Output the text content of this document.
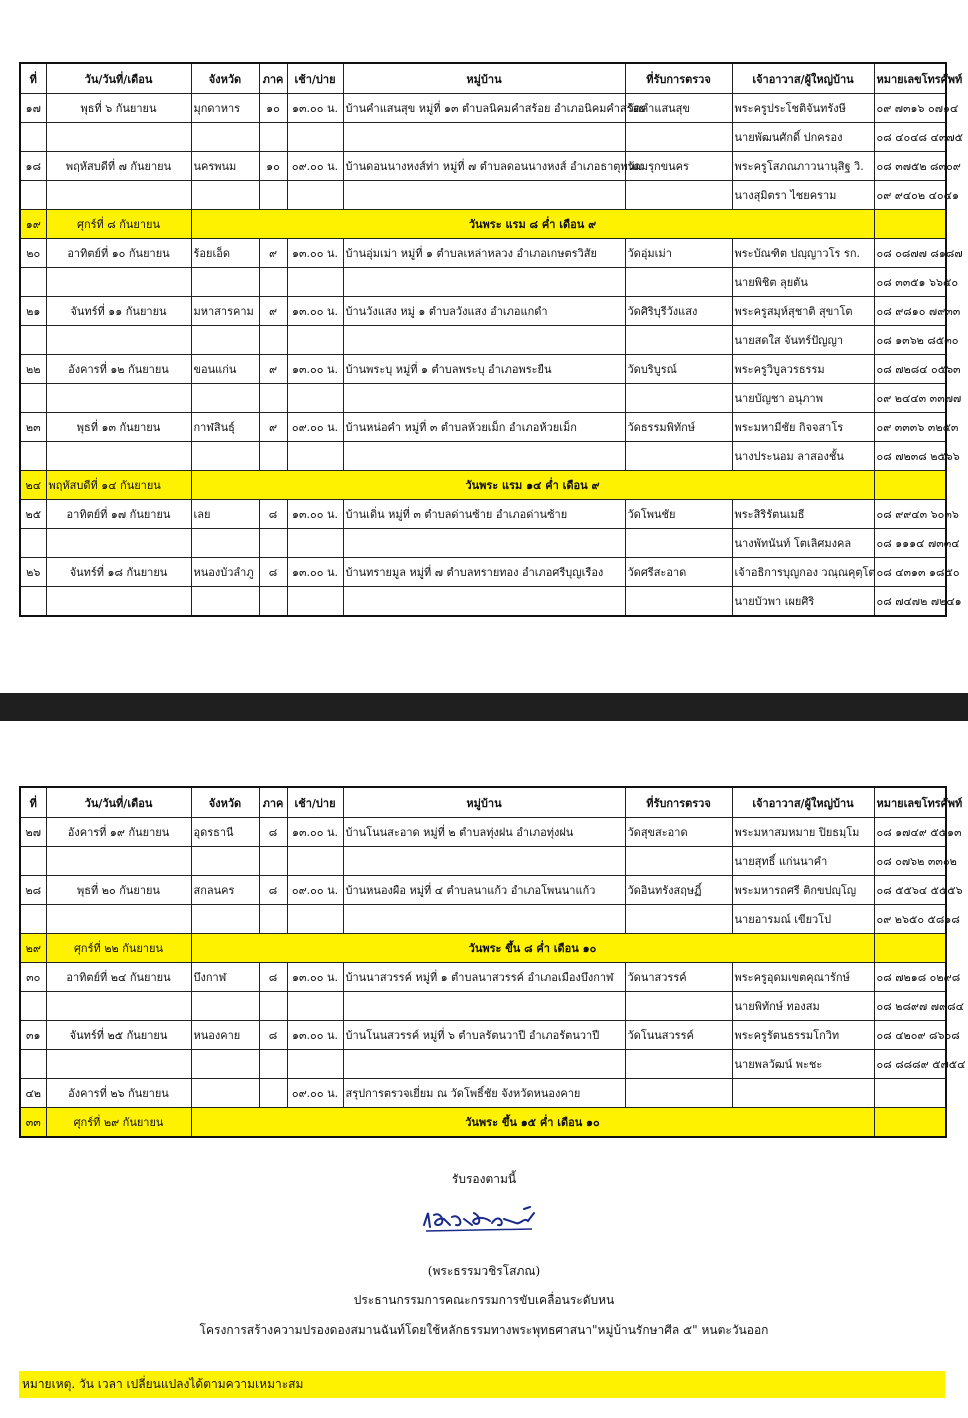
ที่	วัน/วันที่/เดือน	จังหวัด	ภาค	เช้า/บ่าย	หมู่บ้าน	ที่รับการตรวจ	เจ้าอาวาส/ผู้ใหญ่บ้าน	หมายเลขโทรศัพท์
๑๗	พุธที่ ๖ กันยายน	มุกดาหาร	๑๐	๑๓.๐๐ น.	บ้านคำแสนสุข หมู่ที่ ๑๓ ตำบลนิคมคำสร้อย อำเภอนิคมคำสร้อย	วัดคำแสนสุข	พระครูประโชติจันทรังษี	๐๙ ๗๓๑๖ ๐๗๑๔
							นายพัฒนศักดิ์ ปกครอง	๐๘ ๔๐๔๘ ๔๓๗๕
๑๘	พฤหัสบดีที่ ๗ กันยายน	นครพนม	๑๐	๐๙.๐๐ น.	บ้านดอนนางหงส์ท่า หมู่ที่ ๗ ตำบลดอนนางหงส์ อำเภอธาตุพนม	วัดมรุกขนคร	พระครูโสภณภาวนานุสิฐ วิ.	๐๘ ๓๗๕๒ ๘๓๐๙
							นางสุมิตรา ไชยคราม	๐๙ ๙๔๐๒ ๔๐๔๑
๑๙	ศุกร์ที่ ๘ กันยายน	วันพระ แรม ๘ ค่ำ เดือน ๙						
๒๐	อาทิตย์ที่ ๑๐ กันยายน	ร้อยเอ็ด	๙	๑๓.๐๐ น.	บ้านอุ่มเม่า หมู่ที่ ๑ ตำบลเหล่าหลวง อำเภอเกษตรวิสัย	วัดอุ่มเม่า	พระบัณฑิต ปญฺญาวโร รก.	๐๘ ๐๘๗๗ ๘๑๘๗
							นายพิชิต ลุยตัน	๐๘ ๓๓๕๑ ๖๖๕๐
๒๑	จันทร์ที่ ๑๑ กันยายน	มหาสารคาม	๙	๑๓.๐๐ น.	บ้านวังแสง หมู่ ๑ ตำบลวังแสง อำเภอแกดำ	วัดศิริบุรีวังแสง	พระครูสมุห์สุชาติ สุขาโต	๐๘ ๙๘๑๐ ๗๙๓๓
							นายสดใส จันทร์ปัญญา	๐๘ ๑๓๖๒ ๘๕๓๐
๒๒	อังคารที่ ๑๒ กันยายน	ขอนแก่น	๙	๑๓.๐๐ น.	บ้านพระบุ หมู่ที่ ๑ ตำบลพระบุ อำเภอพระยืน	วัดบริบูรณ์	พระครูวิบูลวรธรรม	๐๘ ๗๒๘๔ ๐๕๖๓
							นายบัญชา อนุภาพ	๐๙ ๒๔๔๓ ๓๓๗๗
๒๓	พุธที่ ๑๓ กันยายน	กาฬสินธุ์	๙	๐๙.๐๐ น.	บ้านหน่อคำ หมู่ที่ ๓ ตำบลห้วยเม็ก อำเภอห้วยเม็ก	วัดธรรมพิทักษ์	พระมหามีชัย กิจจสาโร	๐๙ ๓๓๓๖ ๓๒๕๓
							นางประนอม ลาสองชั้น	๐๘ ๗๒๓๘ ๒๕๖๖
๒๔	พฤหัสบดีที่ ๑๔ กันยายน	วันพระ แรม ๑๔ ค่ำ เดือน ๙						
๒๕	อาทิตย์ที่ ๑๗ กันยายน	เลย	๘	๑๓.๐๐ น.	บ้านเดิ่น หมู่ที่ ๓ ตำบลด่านซ้าย อำเภอด่านซ้าย	วัดโพนชัย	พระสิริรัตนเมธี	๐๘ ๙๙๔๓ ๖๐๓๖
							นางพัทนันท์ โตเลิศมงคล	๐๘ ๑๑๑๔ ๗๓๓๔
๒๖	จันทร์ที่ ๑๘ กันยายน	หนองบัวลำภู	๘	๑๓.๐๐ น.	บ้านทรายมูล หมู่ที่ ๗ ตำบลทรายทอง อำเภอศรีบุญเรือง	วัดศรีสะอาด	เจ้าอธิการบุญกอง วณฺณคุตฺโต	๐๘ ๔๓๑๓ ๑๘๕๐
							นายบัวพา เผยศิริ	๐๘ ๗๔๗๒ ๗๒๔๑
ที่	วัน/วันที่/เดือน	จังหวัด	ภาค	เช้า/บ่าย	หมู่บ้าน	ที่รับการตรวจ	เจ้าอาวาส/ผู้ใหญ่บ้าน	หมายเลขโทรศัพท์
๒๗	อังคารที่ ๑๙ กันยายน	อุดรธานี	๘	๑๓.๐๐ น.	บ้านโนนสะอาด หมู่ที่ ๒ ตำบลทุ่งฝน อำเภอทุ่งฝน	วัดสุขสะอาด	พระมหาสมหมาย ปิยธมฺโม	๐๘ ๑๗๔๙ ๕๕๑๓
							นายสุทธิ์ แก่นนาคำ	๐๘ ๐๗๖๒ ๓๓๐๒
๒๘	พุธที่ ๒๐ กันยายน	สกลนคร	๘	๐๙.๐๐ น.	บ้านหนองผือ หมู่ที่ ๔ ตำบลนาแก้ว อำเภอโพนนาแก้ว	วัดอินทรังสฤษฏิ์	พระมหารถศรี ติกขปญฺโญ	๐๘ ๕๕๖๔ ๕๕๕๖
							นายอารมณ์ เขียวโป	๐๙ ๒๖๕๐ ๕๘๑๘
๒๙	ศุกร์ที่ ๒๒ กันยายน	วันพระ ขึ้น ๘ ค่ำ เดือน ๑๐						
๓๐	อาทิตย์ที่ ๒๔ กันยายน	บึงกาฬ	๘	๑๓.๐๐ น.	บ้านนาสวรรค์ หมู่ที่ ๑ ตำบลนาสวรรค์ อำเภอเมืองบึงกาฬ	วัดนาสวรรค์	พระครูอุดมเขตคุณารักษ์	๐๘ ๗๒๑๘ ๐๒๙๘
							นายพิทักษ์ ทองสม	๐๘ ๒๘๙๗ ๗๙๘๔
๓๑	จันทร์ที่ ๒๕ กันยายน	หนองคาย	๘	๑๓.๐๐ น.	บ้านโนนสวรรค์ หมู่ที่ ๖ ตำบลรัตนวาปี อำเภอรัตนวาปี	วัดโนนสวรรค์	พระครูรัตนธรรมโกวิท	๐๘ ๔๒๐๙ ๘๖๐๘
							นายพลวัฒน์ พะชะ	๐๘ ๘๘๘๙ ๕๗๕๔
๔๒	อังคารที่ ๒๖ กันยายน			๐๙.๐๐ น.	สรุปการตรวจเยี่ยม ณ วัดโพธิ์ชัย จังหวัดหนองคาย			
๓๓	ศุกร์ที่ ๒๙ กันยายน	วันพระ ขึ้น ๑๕ ค่ำ เดือน ๑๐						
รับรองตามนี้
(พระธรรมวชิรโสภณ)
ประธานกรรมการคณะกรรมการขับเคลื่อนระดับหน
โครงการสร้างความปรองดองสมานฉันท์โดยใช้หลักธรรมทางพระพุทธศาสนา"หมู่บ้านรักษาศีล ๕" หนตะวันออก
หมายเหตุ. วัน เวลา เปลี่ยนแปลงได้ตามความเหมาะสม
